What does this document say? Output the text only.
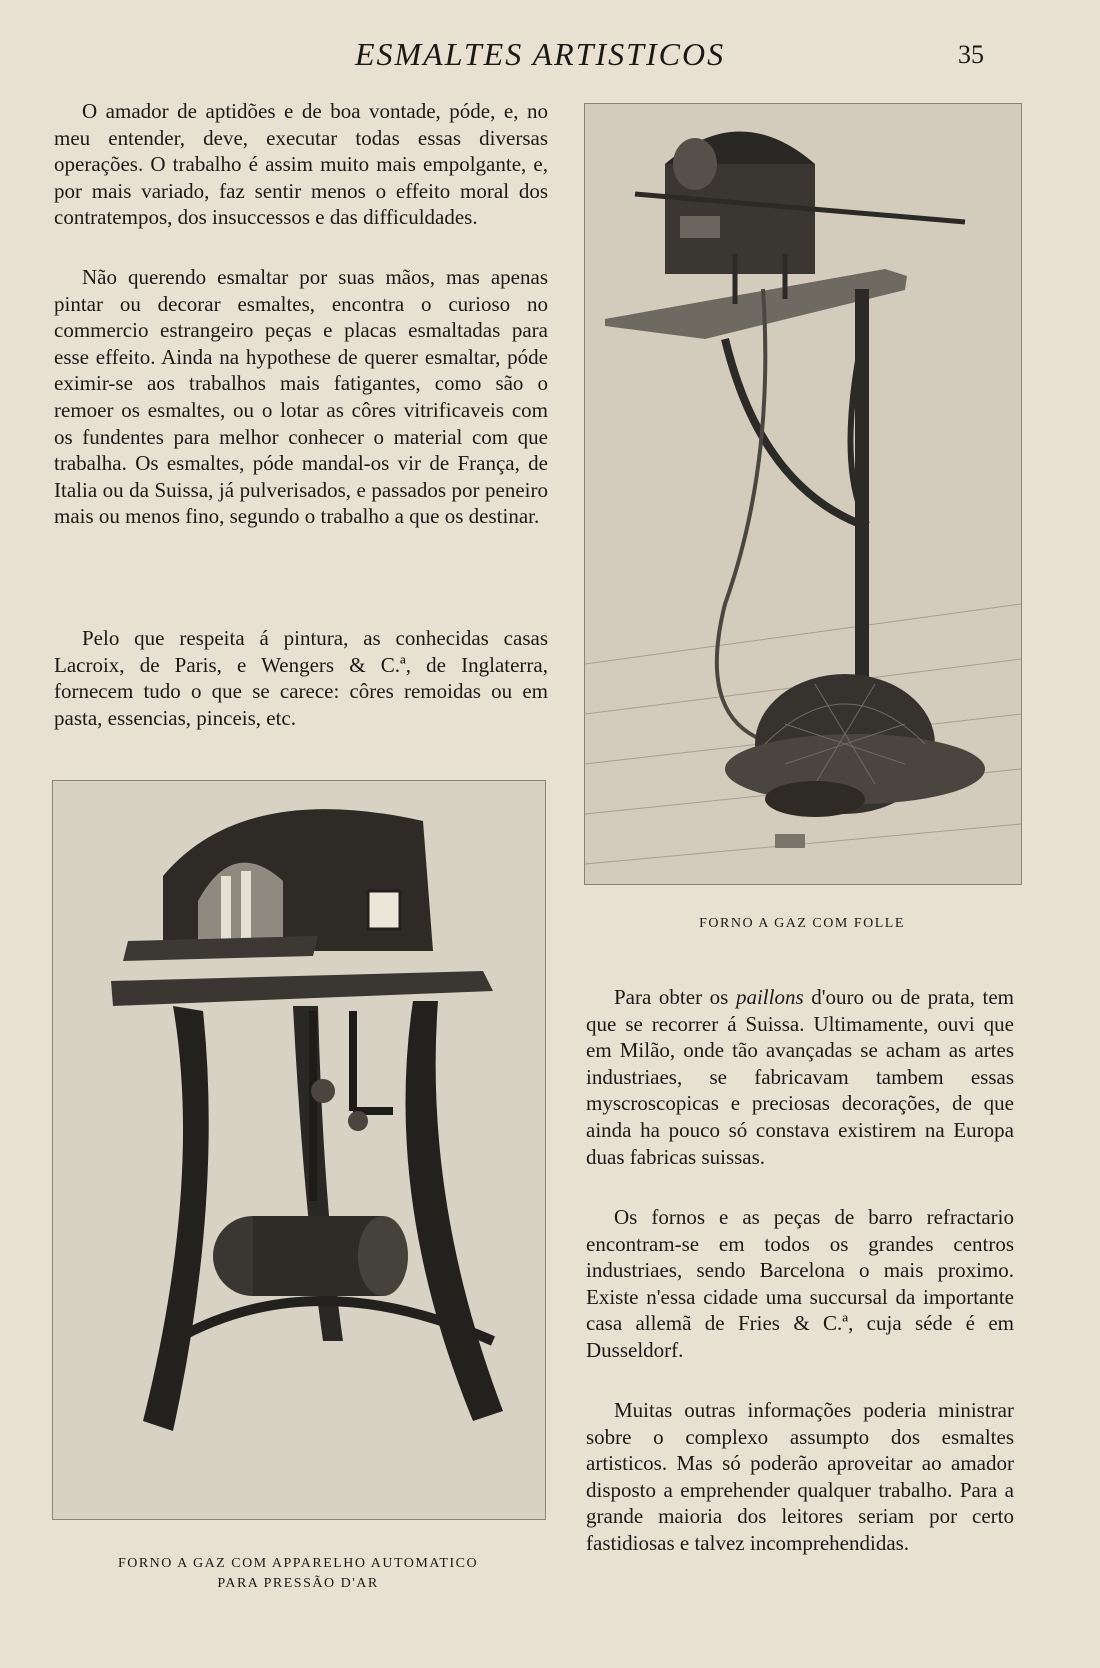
ESMALTES ARTISTICOS	35

O amador de aptidões e de boa vontade, póde, e, no meu entender, deve, executar todas essas diversas operações. O trabalho é assim muito mais empolgante, e, por mais variado, faz sentir menos o effeito moral dos contratempos, dos insuccessos e das difficuldades.

Não querendo esmaltar por suas mãos, mas apenas pintar ou decorar esmaltes, encontra o curioso no commercio estrangeiro peças e placas esmaltadas para esse effeito. Ainda na hypothese de querer esmaltar, póde eximir-se aos trabalhos mais fatigantes, como são o remoer os esmaltes, ou o lotar as côres vitrificaveis com os fundentes para melhor conhecer o material com que trabalha. Os esmaltes, póde mandal-os vir de França, de Italia ou da Suissa, já pulverisados, e passados por peneiro mais ou menos fino, segundo o trabalho a que os destinar.

Pelo que respeita á pintura, as conhecidas casas Lacroix, de Paris, e Wengers & C.ª, de Inglaterra, fornecem tudo o que se carece: côres remoidas ou em pasta, essencias, pinceis, etc.

FORNO A GAZ COM FOLLE
FORNO A GAZ COM APPARELHO AUTOMATICO
PARA PRESSÃO D'AR

Para obter os paillons d'ouro ou de prata, tem que se recorrer á Suissa. Ultimamente, ouvi que em Milão, onde tão avançadas se acham as artes industriaes, se fabricavam tambem essas myscroscopicas e preciosas decorações, de que ainda ha pouco só constava existirem na Europa duas fabricas suissas.

Os fornos e as peças de barro refractario encontram-se em todos os grandes centros industriaes, sendo Barcelona o mais proximo. Existe n'essa cidade uma succursal da importante casa allemã de Fries & C.ª, cuja séde é em Dusseldorf.

Muitas outras informações poderia ministrar sobre o complexo assumpto dos esmaltes artisticos. Mas só poderão aproveitar ao amador disposto a emprehender qualquer trabalho. Para a grande maioria dos leitores seriam por certo fastidiosas e talvez incomprehendidas.
